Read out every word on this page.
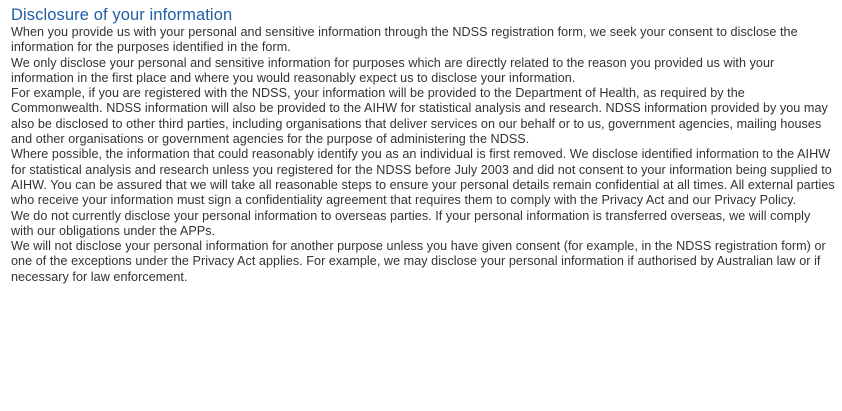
Disclosure of your information

When you provide us with your personal and sensitive information through the NDSS registration form, we seek your consent to disclose the information for the purposes identified in the form.

We only disclose your personal and sensitive information for purposes which are directly related to the reason you provided us with your information in the first place and where you would reasonably expect us to disclose your information.

For example, if you are registered with the NDSS, your information will be provided to the Department of Health, as required by the Commonwealth. NDSS information will also be provided to the AIHW for statistical analysis and research. NDSS information provided by you may also be disclosed to other third parties, including organisations that deliver services on our behalf or to us, government agencies, mailing houses and other organisations or government agencies for the purpose of administering the NDSS.

Where possible, the information that could reasonably identify you as an individual is first removed. We disclose identified information to the AIHW for statistical analysis and research unless you registered for the NDSS before July 2003 and did not consent to your information being supplied to AIHW. You can be assured that we will take all reasonable steps to ensure your personal details remain confidential at all times. All external parties who receive your information must sign a confidentiality agreement that requires them to comply with the Privacy Act and our Privacy Policy.

We do not currently disclose your personal information to overseas parties. If your personal information is transferred overseas, we will comply with our obligations under the APPs.

We will not disclose your personal information for another purpose unless you have given consent (for example, in the NDSS registration form) or one of the exceptions under the Privacy Act applies. For example, we may disclose your personal information if authorised by Australian law or if necessary for law enforcement.
